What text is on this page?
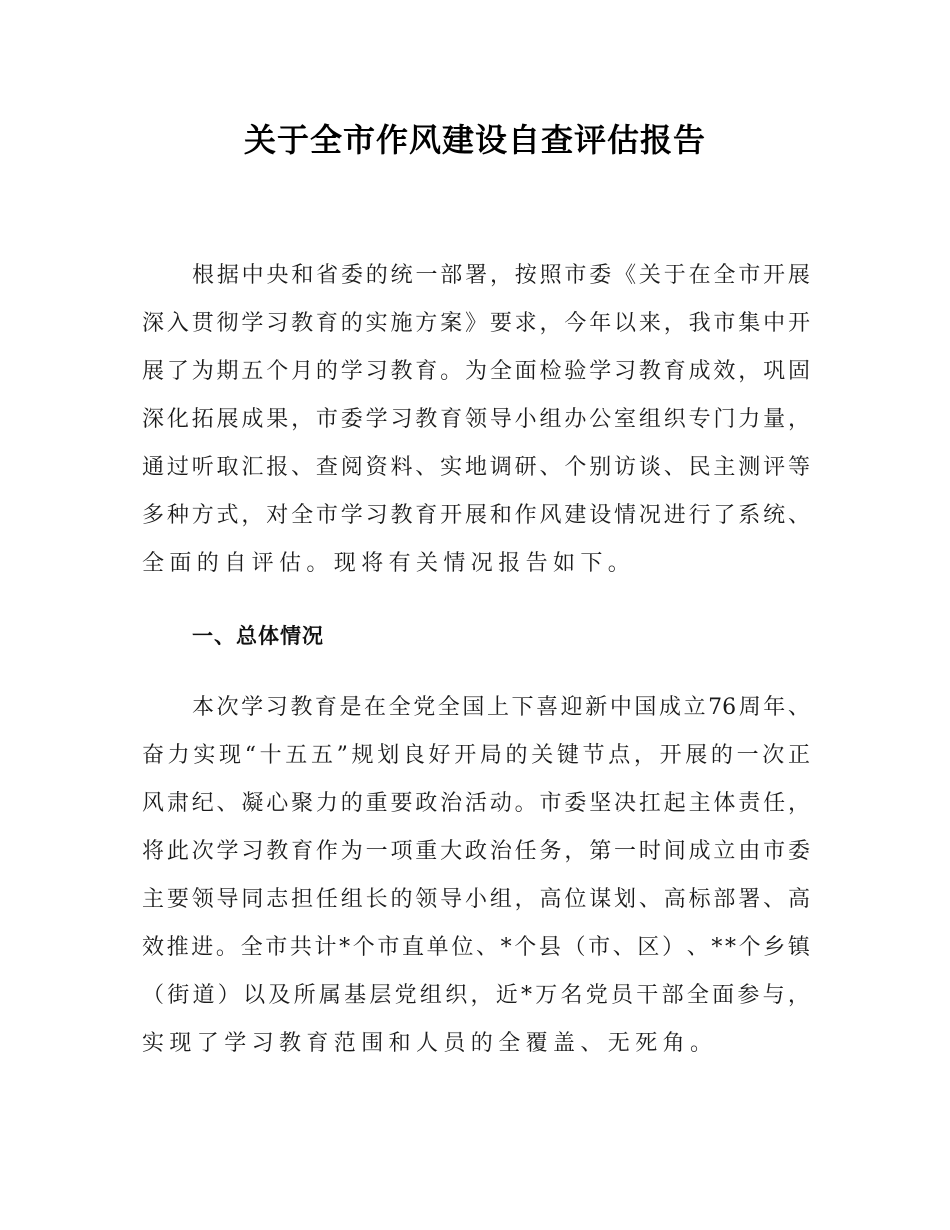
关于全市作风建设自查评估报告
根 据 中 央 和 省 委 的 统 一 部 署 ， 按 照 市 委 《 关 于 在 全 市 开 展
深 入 贯 彻 学 习 教 育 的 实 施 方 案 》 要 求 ， 今 年 以 来 ， 我 市 集 中 开
展 了 为 期 五 个 月 的 学 习 教 育 。 为 全 面 检 验 学 习 教 育 成 效 ， 巩 固
深 化 拓 展 成 果 ， 市 委 学 习 教 育 领 导 小 组 办 公 室 组 织 专 门 力 量 ，
通 过 听 取 汇 报 、 查 阅 资 料 、 实 地 调 研 、 个 别 访 谈 、 民 主 测 评 等
多 种 方 式 ， 对 全 市 学 习 教 育 开 展 和 作 风 建 设 情 况 进 行 了 系 统 、
全面的自评估。现将有关情况报告如下。
一、总体情况
本 次 学 习 教 育 是 在 全 党 全 国 上 下 喜 迎 新 中 国 成 立 76 周 年 、
奋 力 实 现 “ 十 五 五 ” 规 划 良 好 开 局 的 关 键 节 点 ， 开 展 的 一 次 正
风 肃 纪 、 凝 心 聚 力 的 重 要 政 治 活 动 。 市 委 坚 决 扛 起 主 体 责 任 ，
将 此 次 学 习 教 育 作 为 一 项 重 大 政 治 任 务 ， 第 一 时 间 成 立 由 市 委
主 要 领 导 同 志 担 任 组 长 的 领 导 小 组 ， 高 位 谋 划 、 高 标 部 署 、 高
效 推 进 。 全 市 共 计 * 个 市 直 单 位 、 * 个 县 （ 市 、 区 ） 、 * * 个 乡 镇
（ 街 道 ） 以 及 所 属 基 层 党 组 织 ， 近 * 万 名 党 员 干 部 全 面 参 与 ，
实现了学习教育范围和人员的全覆盖、无死角。
